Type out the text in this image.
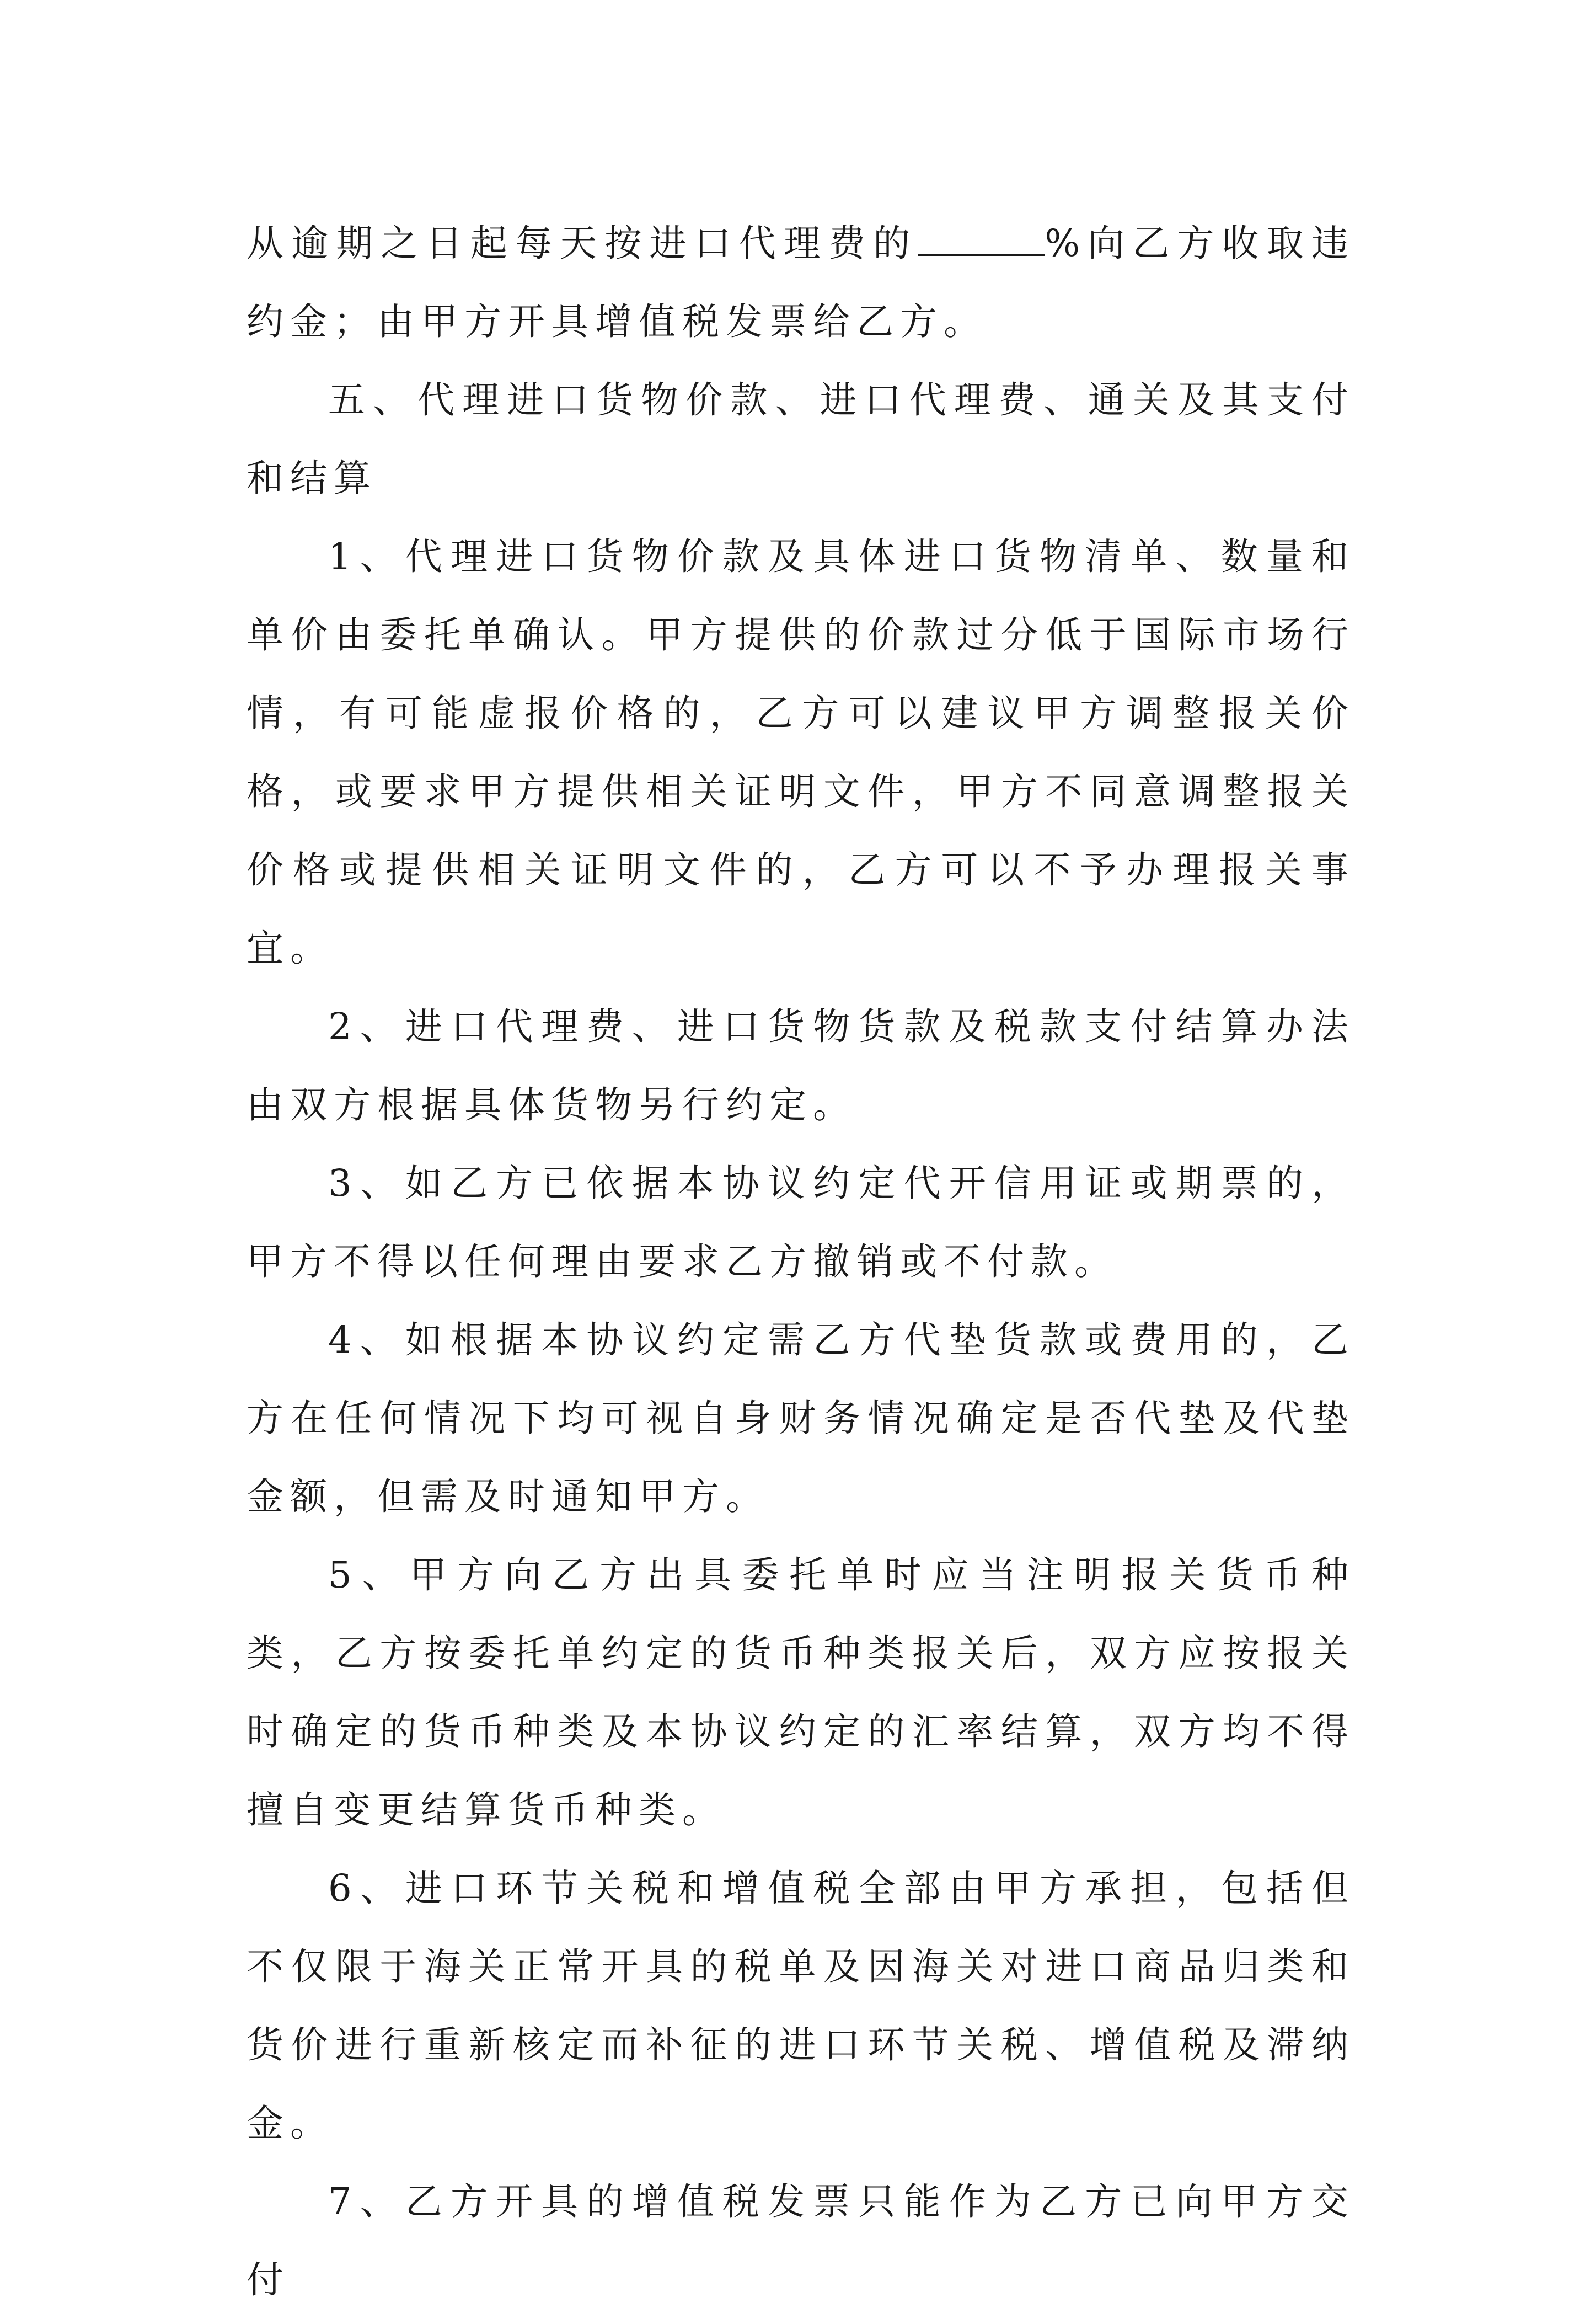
从逾期之日起每天按进口代理费的	%向乙方收取违约金；由甲方开具增值税发票给乙方。

五、代理进口货物价款、进口代理费、通关及其支付和结算

1、代理进口货物价款及具体进口货物清单、数量和单价由委托单确认。甲方提供的价款过分低于国际市场行情，有可能虚报价格的，乙方可以建议甲方调整报关价格，或要求甲方提供相关证明文件，甲方不同意调整报关价格或提供相关证明文件的，乙方可以不予办理报关事宜。

2、进口代理费、进口货物货款及税款支付结算办法由双方根据具体货物另行约定。

3、如乙方已依据本协议约定代开信用证或期票的，甲方不得以任何理由要求乙方撤销或不付款。

4、如根据本协议约定需乙方代垫货款或费用的，乙方在任何情况下均可视自身财务情况确定是否代垫及代垫金额，但需及时通知甲方。

5、甲方向乙方出具委托单时应当注明报关货币种类，乙方按委托单约定的货币种类报关后，双方应按报关时确定的货币种类及本协议约定的汇率结算，双方均不得擅自变更结算货币种类。

6、进口环节关税和增值税全部由甲方承担，包括但不仅限于海关正常开具的税单及因海关对进口商品归类和货价进行重新核定而补征的进口环节关税、增值税及滞纳金。

7、乙方开具的增值税发票只能作为乙方已向甲方交付
